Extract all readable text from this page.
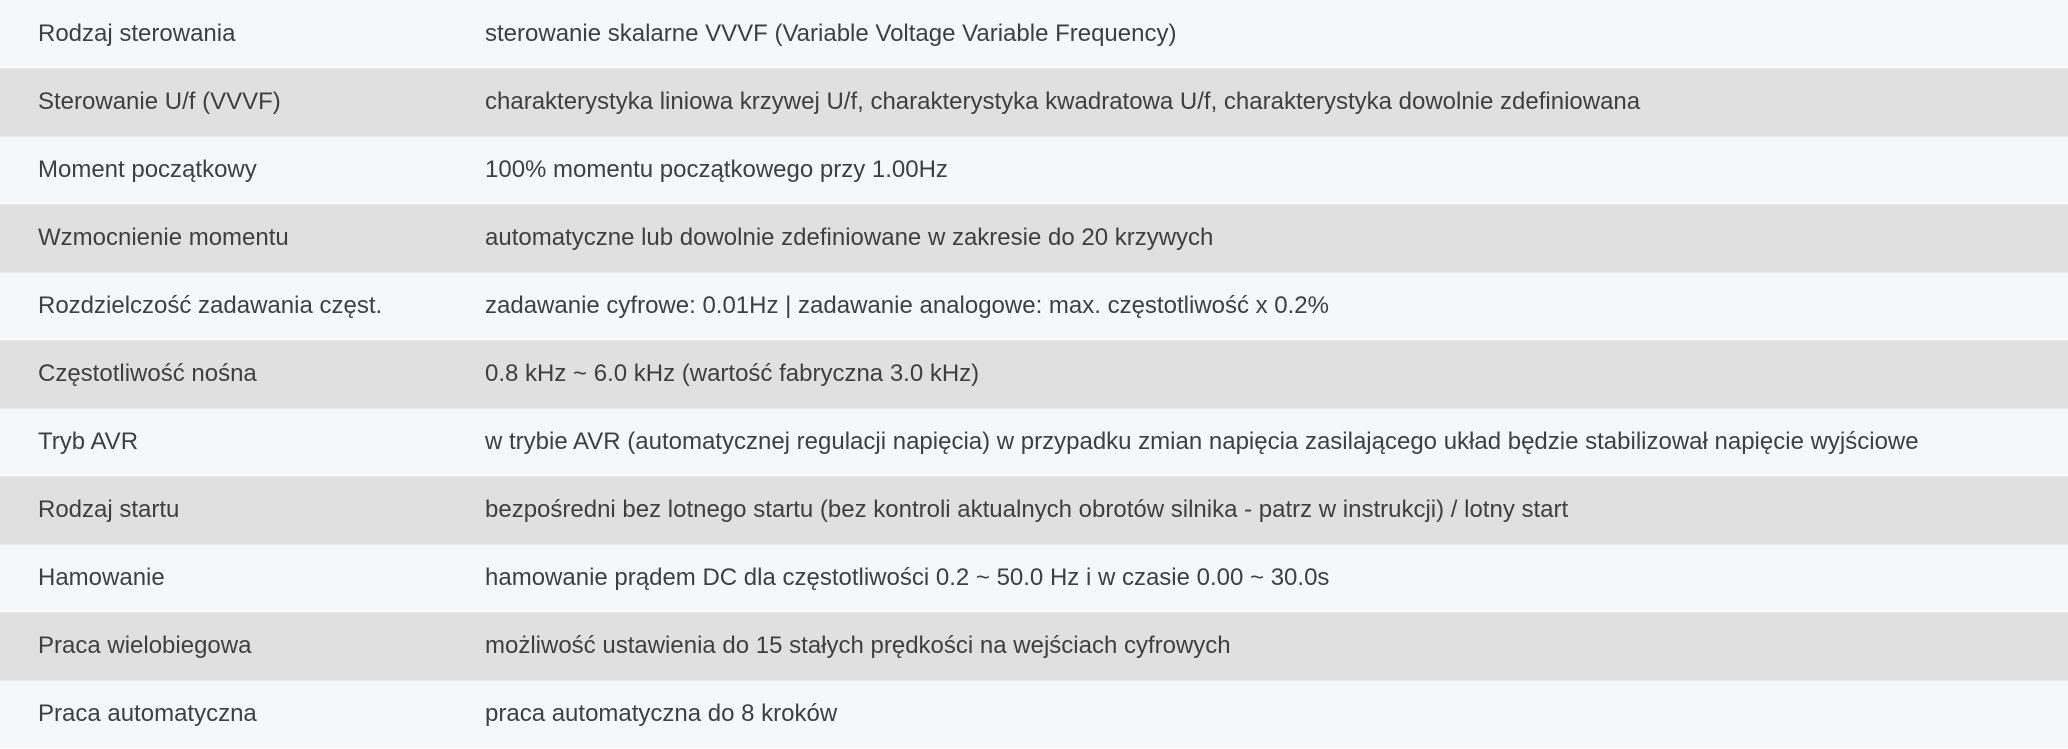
Rodzaj sterowania	sterowanie skalarne VVVF (Variable Voltage Variable Frequency)
Sterowanie U/f (VVVF)	charakterystyka liniowa krzywej U/f, charakterystyka kwadratowa U/f, charakterystyka dowolnie zdefiniowana
Moment początkowy	100% momentu początkowego przy 1.00Hz
Wzmocnienie momentu	automatyczne lub dowolnie zdefiniowane w zakresie do 20 krzywych
Rozdzielczość zadawania częst.	zadawanie cyfrowe: 0.01Hz | zadawanie analogowe: max. częstotliwość x 0.2%
Częstotliwość nośna	0.8 kHz ~ 6.0 kHz (wartość fabryczna 3.0 kHz)
Tryb AVR	w trybie AVR (automatycznej regulacji napięcia) w przypadku zmian napięcia zasilającego układ będzie stabilizował napięcie wyjściowe
Rodzaj startu	bezpośredni bez lotnego startu (bez kontroli aktualnych obrotów silnika - patrz w instrukcji) / lotny start
Hamowanie	hamowanie prądem DC dla częstotliwości 0.2 ~ 50.0 Hz i w czasie 0.00 ~ 30.0s
Praca wielobiegowa	możliwość ustawienia do 15 stałych prędkości na wejściach cyfrowych
Praca automatyczna	praca automatyczna do 8 kroków
